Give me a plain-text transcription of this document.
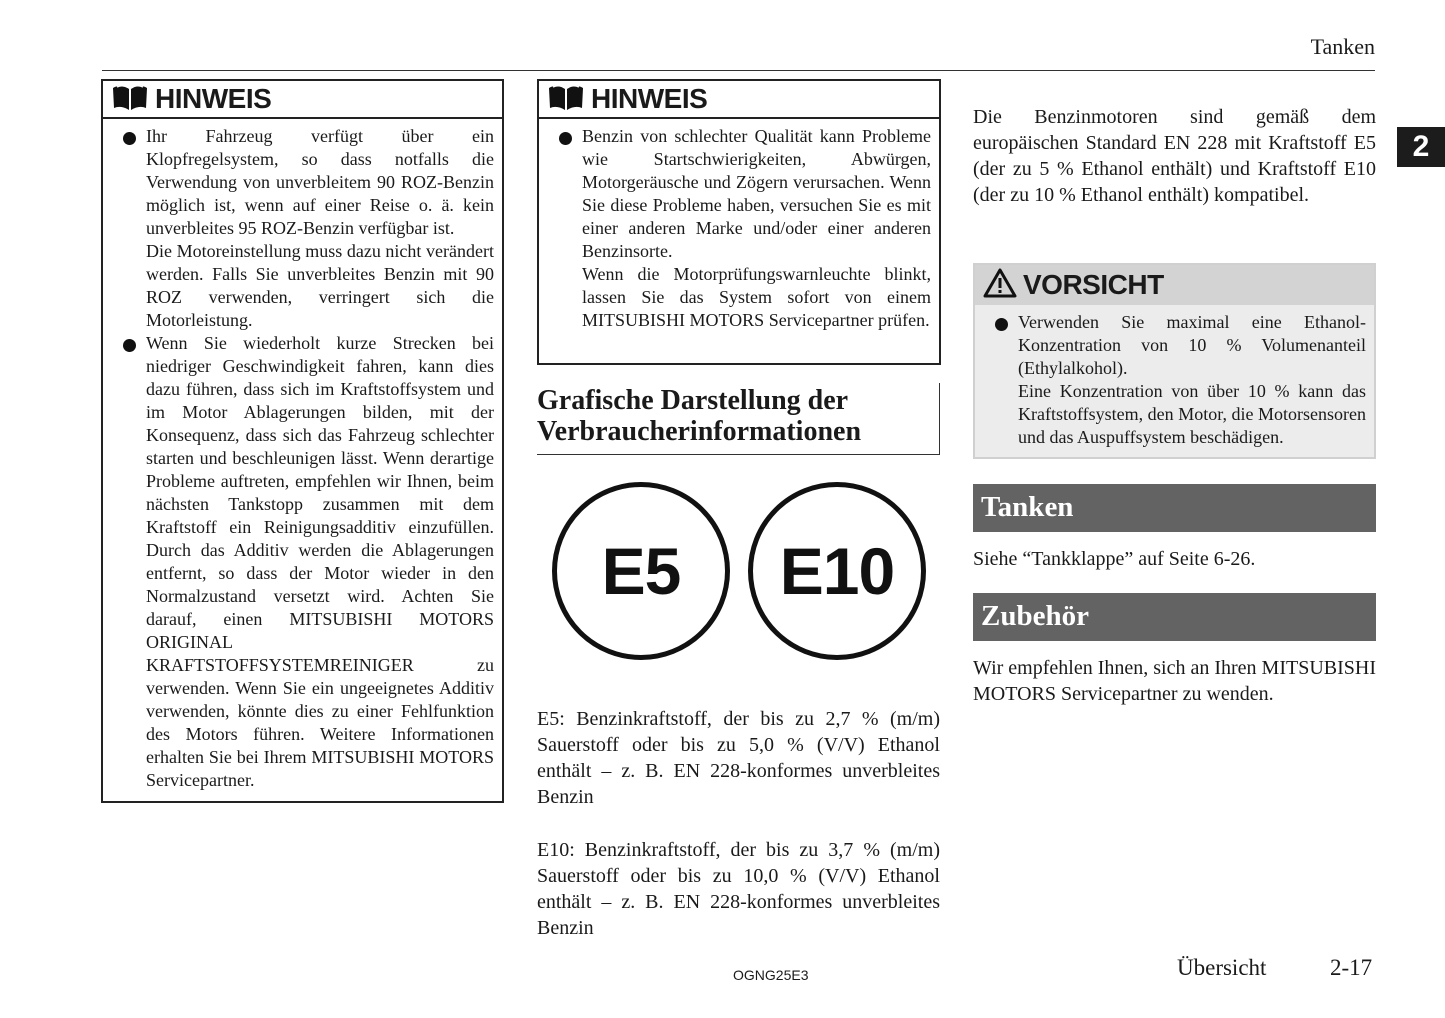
Tanken
2
HINWEIS

Ihr Fahrzeug verfügt über ein Klopfregelsystem, so dass notfalls die Verwendung von unverbleitem 90 ROZ-Benzin möglich ist, wenn auf einer Reise o. ä. kein unverbleites 95 ROZ-Benzin verfügbar ist.

Die Motoreinstellung muss dazu nicht verändert werden. Falls Sie unverbleites Benzin mit 90 ROZ verwenden, verringert sich die Motorleistung.

Wenn Sie wiederholt kurze Strecken bei niedriger Geschwindigkeit fahren, kann dies dazu führen, dass sich im Kraftstoffsystem und im Motor Ablagerungen bilden, mit der Konsequenz, dass sich das Fahrzeug schlechter starten und beschleunigen lässt. Wenn derartige Probleme auftreten, empfehlen wir Ihnen, beim nächsten Tankstopp zusammen mit dem Kraftstoff ein Reinigungsadditiv einzufüllen. Durch das Additiv werden die Ablagerungen entfernt, so dass der Motor wieder in den Normalzustand versetzt wird. Achten Sie darauf, einen MITSUBISHI MOTORS ORIGINAL KRAFTSTOFFSYSTEMREINIGER zu verwenden. Wenn Sie ein ungeeignetes Additiv verwenden, könnte dies zu einer Fehlfunktion des Motors führen. Weitere Informationen erhalten Sie bei Ihrem MITSUBISHI MOTORS Servicepartner.

HINWEIS

Benzin von schlechter Qualität kann Probleme wie Startschwierigkeiten, Abwürgen, Motorgeräusche und Zögern verursachen. Wenn Sie diese Probleme haben, versuchen Sie es mit einer anderen Marke und/oder einer anderen Benzinsorte.

Wenn die Motorprüfungswarnleuchte blinkt, lassen Sie das System sofort von einem MITSUBISHI MOTORS Servicepartner prüfen.

Grafische Darstellung der Verbraucherinformationen
E5	E10

E5: Benzinkraftstoff, der bis zu 2,7 % (m/m) Sauerstoff oder bis zu 5,0 % (V/V) Ethanol enthält – z. B. EN 228-konformes unverbleites Benzin

E10: Benzinkraftstoff, der bis zu 3,7 % (m/m) Sauerstoff oder bis zu 10,0 % (V/V) Ethanol enthält – z. B. EN 228-konformes unverbleites Benzin

Die Benzinmotoren sind gemäß dem europäischen Standard EN 228 mit Kraftstoff E5 (der zu 5 % Ethanol enthält) und Kraftstoff E10 (der zu 10 % Ethanol enthält) kompatibel.

VORSICHT

Verwenden Sie maximal eine Ethanol-Konzentration von 10 % Volumenanteil (Ethylalkohol).

Eine Konzentration von über 10 % kann das Kraftstoffsystem, den Motor, die Motorsensoren und das Auspuffsystem beschädigen.

Tanken

Siehe “Tankklappe” auf Seite 6-26.

Zubehör

Wir empfehlen Ihnen, sich an Ihren MITSUBISHI MOTORS Servicepartner zu wenden.

OGNG25E3	Übersicht	2-17
